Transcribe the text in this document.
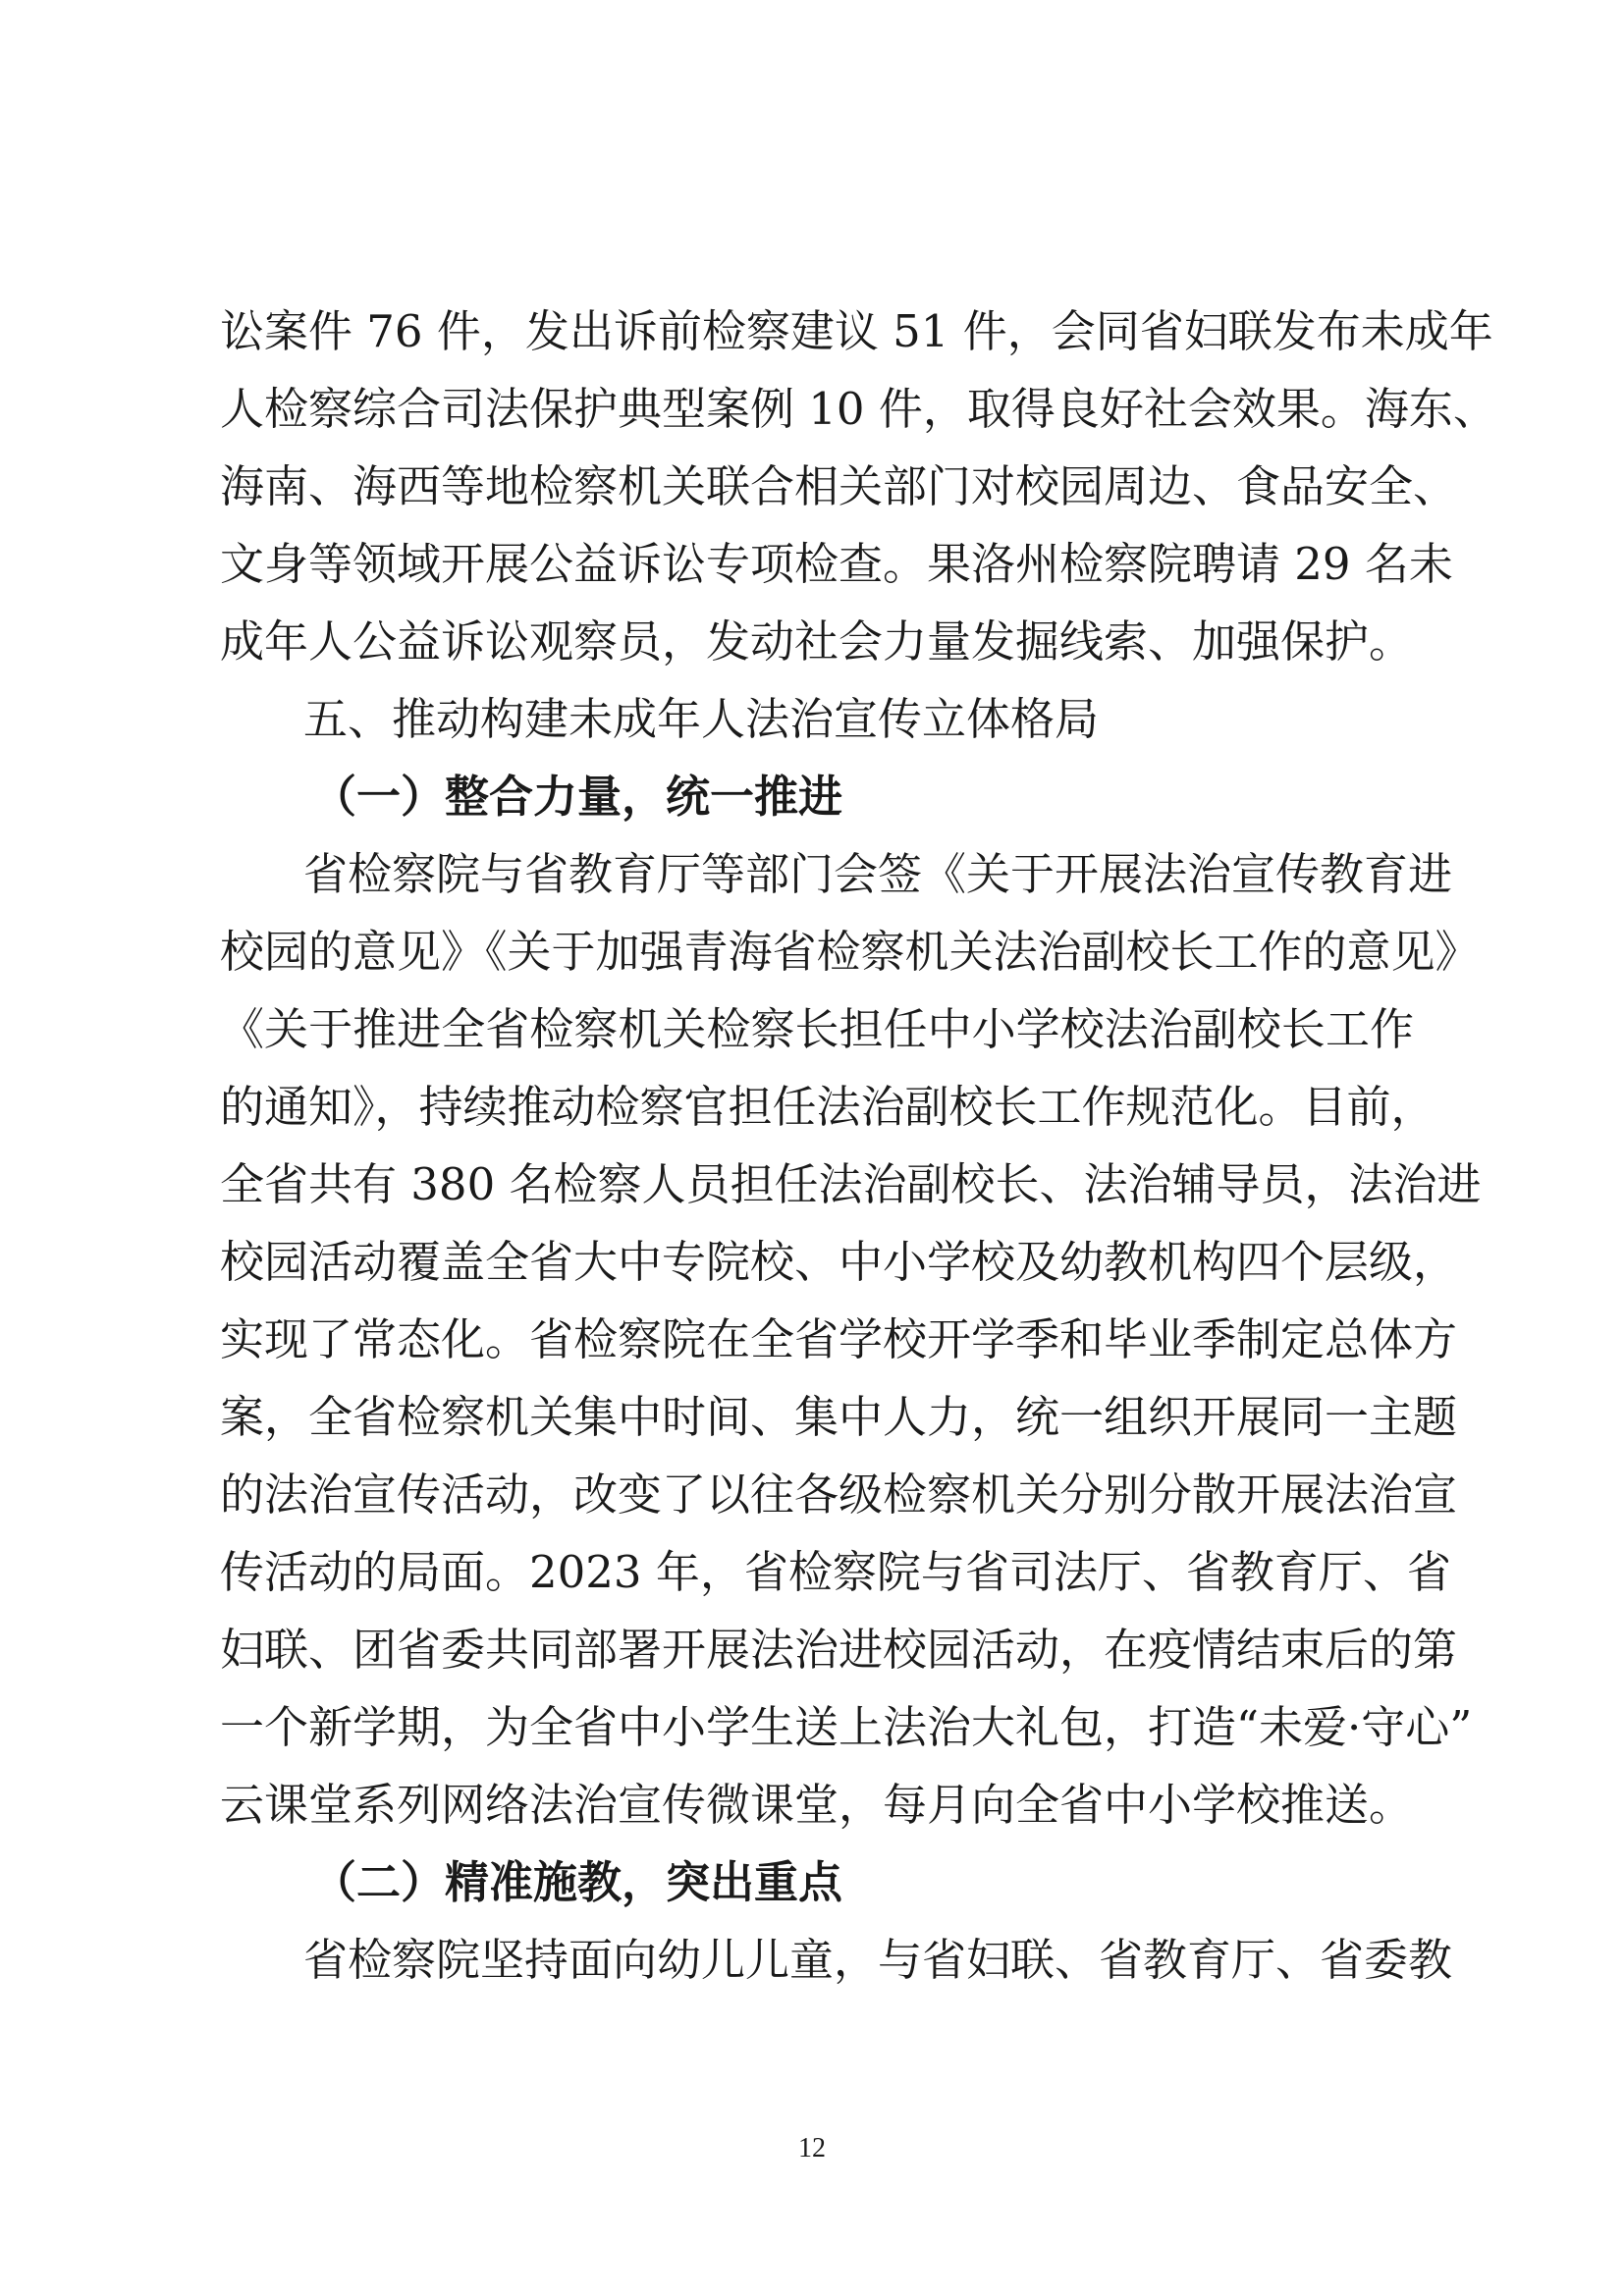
讼案件 76 件，发出诉前检察建议 51 件，会同省妇联发布未成年
人检察综合司法保护典型案例 10 件，取得良好社会效果。海东、
海南、海西等地检察机关联合相关部门对校园周边、食品安全、
文身等领域开展公益诉讼专项检查。果洛州检察院聘请 29 名未
成年人公益诉讼观察员，发动社会力量发掘线索、加强保护。
五、推动构建未成年人法治宣传立体格局
（一）整合力量，统一推进
省检察院与省教育厅等部门会签《关于开展法治宣传教育进
校园的意见》《关于加强青海省检察机关法治副校长工作的意见》
《关于推进全省检察机关检察长担任中小学校法治副校长工作
的通知》，持续推动检察官担任法治副校长工作规范化。目前，
全省共有 380 名检察人员担任法治副校长、法治辅导员，法治进
校园活动覆盖全省大中专院校、中小学校及幼教机构四个层级，
实现了常态化。省检察院在全省学校开学季和毕业季制定总体方
案，全省检察机关集中时间、集中人力，统一组织开展同一主题
的法治宣传活动，改变了以往各级检察机关分别分散开展法治宣
传活动的局面。2023 年，省检察院与省司法厅、省教育厅、省
妇联、团省委共同部署开展法治进校园活动，在疫情结束后的第
一个新学期，为全省中小学生送上法治大礼包，打造“未爱·守心”
云课堂系列网络法治宣传微课堂，每月向全省中小学校推送。
（二）精准施教，突出重点
省检察院坚持面向幼儿儿童，与省妇联、省教育厅、省委教
12
